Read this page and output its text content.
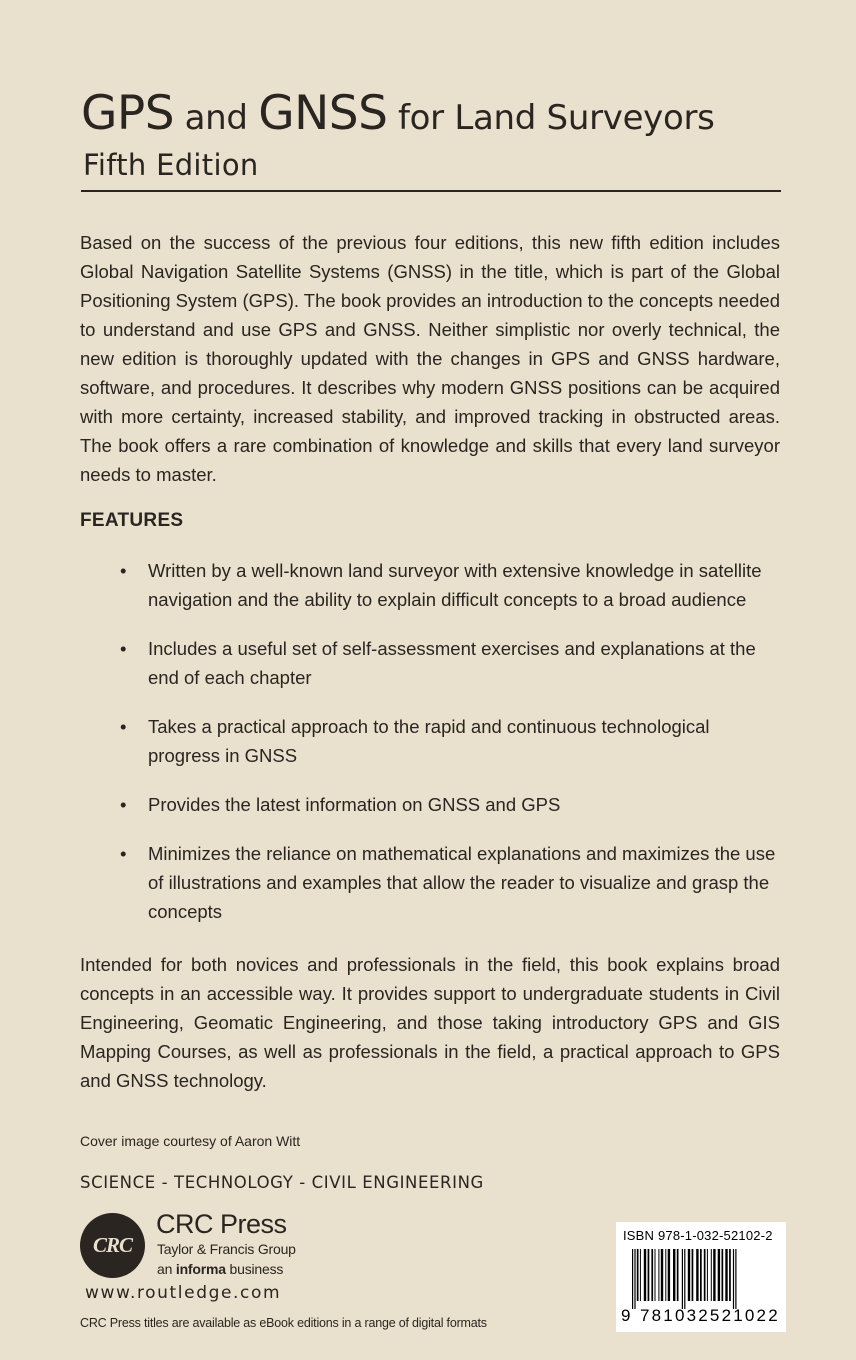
GPS and GNSS for Land Surveyors
Fifth Edition

Based on the success of the previous four editions, this new fifth edition includes Global Navigation Satellite Systems (GNSS) in the title, which is part of the Global Positioning System (GPS). The book provides an introduction to the concepts needed to understand and use GPS and GNSS. Neither simplistic nor overly technical, the new edition is thoroughly updated with the changes in GPS and GNSS hardware, software, and procedures. It describes why modern GNSS positions can be acquired with more certainty, increased stability, and improved tracking in obstructed areas. The book offers a rare combination of knowledge and skills that every land surveyor needs to master.

FEATURES
• Written by a well-known land surveyor with extensive knowledge in satellite navigation and the ability to explain difficult concepts to a broad audience
• Includes a useful set of self-assessment exercises and explanations at the end of each chapter
• Takes a practical approach to the rapid and continuous technological progress in GNSS
• Provides the latest information on GNSS and GPS
• Minimizes the reliance on mathematical explanations and maximizes the use of illustrations and examples that allow the reader to visualize and grasp the concepts

Intended for both novices and professionals in the field, this book explains broad concepts in an accessible way. It provides support to undergraduate students in Civil Engineering, Geomatic Engineering, and those taking introductory GPS and GIS Mapping Courses, as well as professionals in the field, a practical approach to GPS and GNSS technology.

Cover image courtesy of Aaron Witt
SCIENCE - TECHNOLOGY - CIVIL ENGINEERING
CRC
CRC Press
Taylor & Francis Group
an informa business
www.routledge.com
CRC Press titles are available as eBook editions in a range of digital formats
ISBN 978-1-032-52102-2
9 781032521022
